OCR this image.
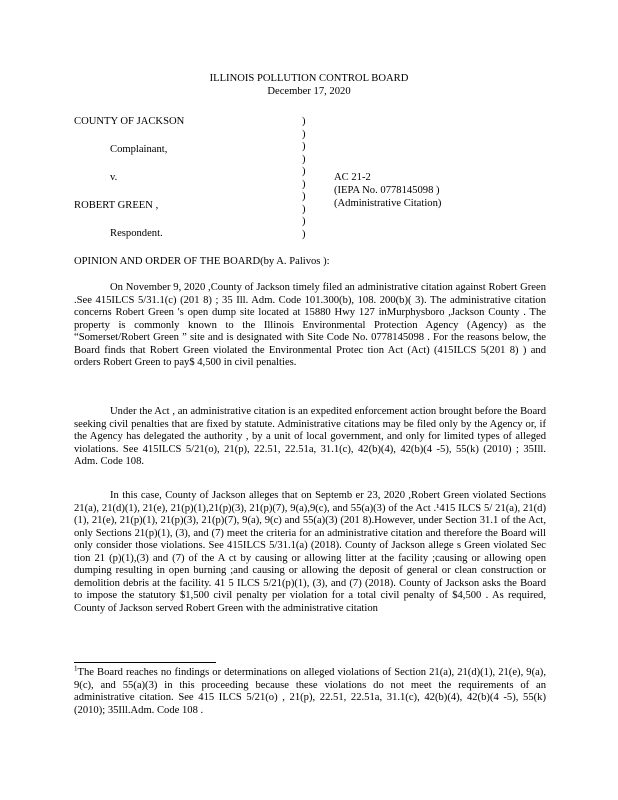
ILLINOIS POLLUTION CONTROL BOARD
December 17, 2020
COUNTY OF JACKSON
Complainant,
v.
ROBERT GREEN ,
Respondent.
)
)
)
)
)
)
)
)
)
)
AC 21-2
(IEPA No. 0778145098 )
(Administrative Citation)
OPINION AND ORDER OF THE BOARD(by A. Palivos ):
On November 9, 2020 ,County of Jackson timely filed an administrative citation against Robert Green .See 415ILCS 5/31.1(c) (201 8) ; 35 Ill. Adm. Code 101.300(b), 108. 200(b)( 3). The administrative citation concerns Robert Green 's open dump site located at 15880 Hwy 127 inMurphysboro ,Jackson County . The property is commonly known to the Illinois Environmental Protection Agency (Agency) as the “Somerset/Robert Green ” site and is designated with Site Code No. 0778145098 . For the reasons below, the Board finds that Robert Green violated the Environmental Protec tion Act (Act) (415ILCS 5(201 8) ) and orders Robert Green to pay$ 4,500 in civil penalties.
Under the Act , an administrative citation is an expedited enforcement action brought before the Board seeking civil penalties that are fixed by statute. Administrative citations may be filed only by the Agency or, if the Agency has delegated the authority , by a unit of local government, and only for limited types of alleged violations. See 415ILCS 5/21(o), 21(p), 22.51, 22.51a, 31.1(c), 42(b)(4), 42(b)(4 -5), 55(k) (2010) ; 35Ill. Adm. Code 108.
In this case, County of Jackson alleges that on Septemb er 23, 2020 ,Robert Green violated Sections 21(a), 21(d)(1), 21(e), 21(p)(1),21(p)(3), 21(p)(7), 9(a),9(c), and 55(a)(3) of the Act .¹415 ILCS 5/ 21(a), 21(d)(1), 21(e), 21(p)(1), 21(p)(3), 21(p)(7), 9(a), 9(c) and 55(a)(3) (201 8).However, under Section 31.1 of the Act, only Sections 21(p)(1), (3), and (7) meet the criteria for an administrative citation and therefore the Board will only consider those violations. See 415ILCS 5/31.1(a) (2018). County of Jackson allege s Green violated Sec tion 21 (p)(1),(3) and (7) of the A ct by causing or allowing litter at the facility ;causing or allowing open dumping resulting in open burning ;and causing or allowing the deposit of general or clean construction or demolition debris at the facility. 41 5 ILCS 5/21(p)(1), (3), and (7) (2018). County of Jackson asks the Board to impose the statutory $1,500 civil penalty per violation for a total civil penalty of $4,500 . As required, County of Jackson served Robert Green with the administrative citation
$^1$The Board reaches no findings or determinations on alleged violations of Section 21(a), 21(d)(1), 21(e), 9(a), 9(c), and 55(a)(3) in this proceeding because these violations do not meet the requirements of an administrative citation. See 415 ILCS 5/21(o) , 21(p), 22.51, 22.51a, 31.1(c), 42(b)(4), 42(b)(4 -5), 55(k) (2010); 35Ill.Adm. Code 108 .
